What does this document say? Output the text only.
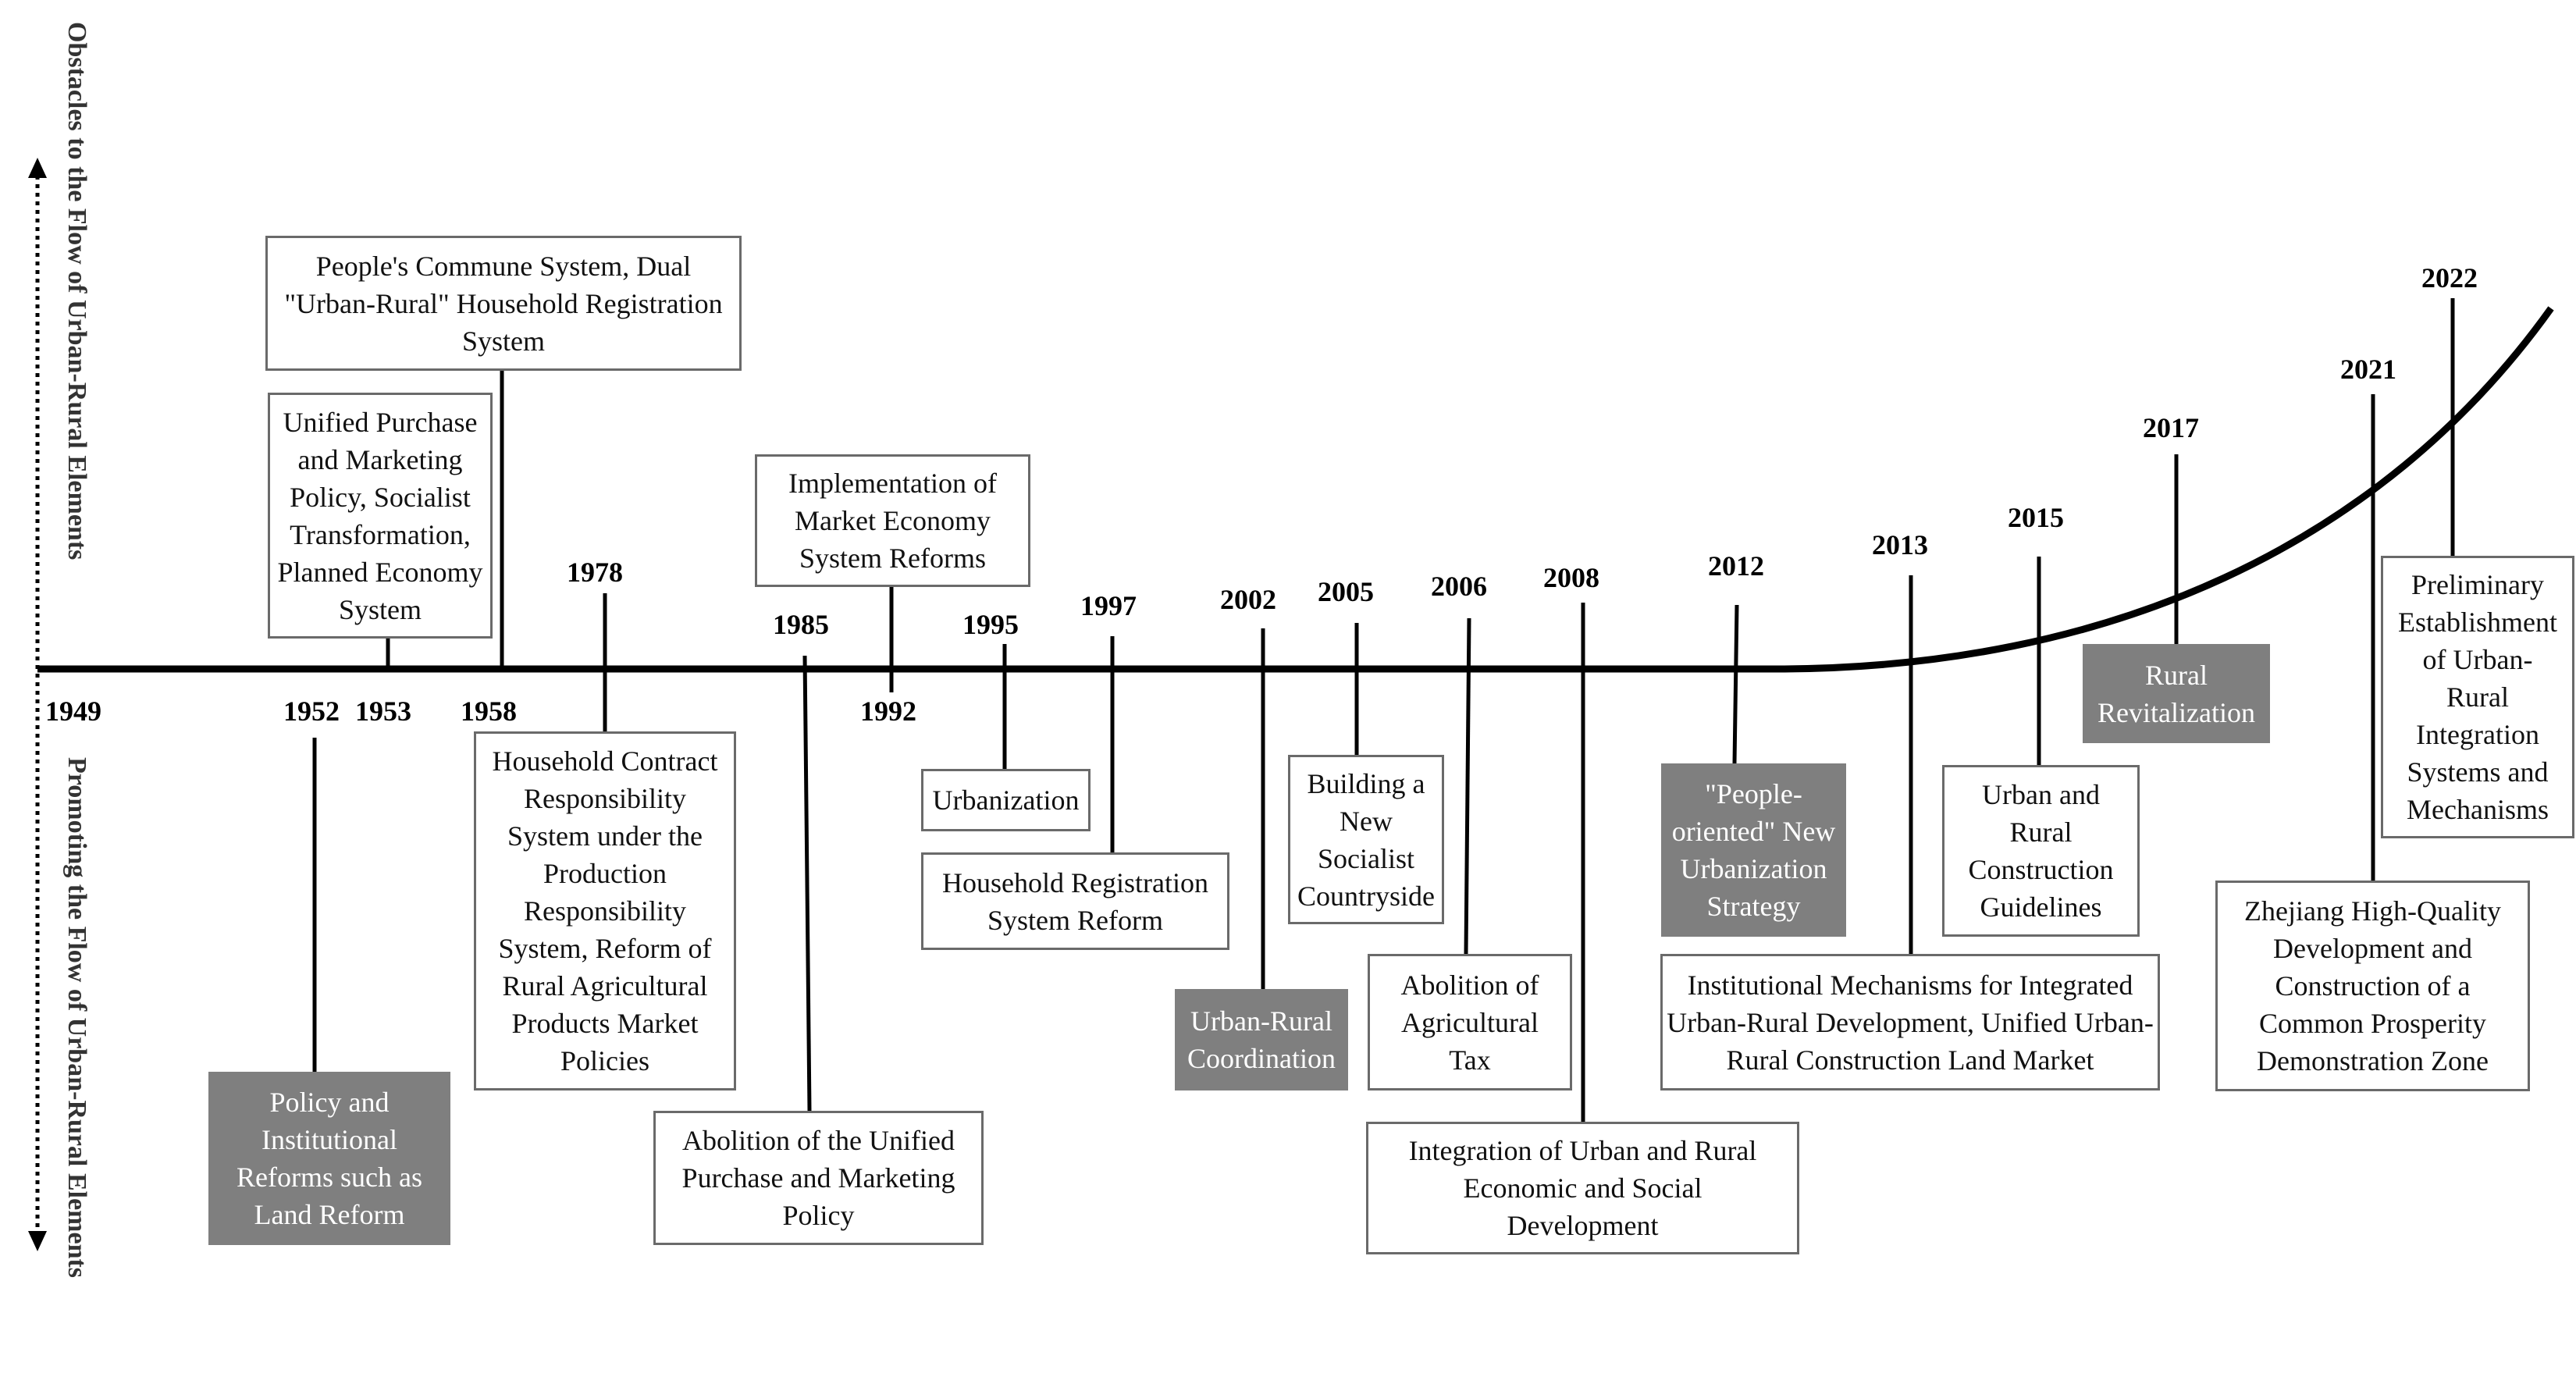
Obstacles to the Flow of Urban-Rural Elements
Promoting the Flow of Urban-Rural Elements
1949	1952 1953 1958
1978
1985
1992
1995
1997	2002 2005 2006 2008	2012
2013
2015
2017
2021
2022
People's Commune System, Dual "Urban-Rural" Household Registration System
Unified Purchase and Marketing Policy, Socialist Transformation, Planned Economy System
Policy and Institutional Reforms such as Land Reform
Household Contract Responsibility System under the Production Responsibility System, Reform of Rural Agricultural Products Market Policies
Abolition of the Unified Purchase and Marketing Policy
Implementation of Market Economy System Reforms
Urbanization
Household Registration System Reform
Urban-Rural Coordination
Building a New Socialist Countryside
Abolition of Agricultural Tax
Integration of Urban and Rural Economic and Social Development
"People-oriented" New Urbanization Strategy
Institutional Mechanisms for Integrated Urban-Rural Development, Unified Urban-Rural Construction Land Market
Urban and Rural Construction Guidelines
Rural Revitalization
Zhejiang High-Quality Development and Construction of a Common Prosperity Demonstration Zone
Preliminary Establishment of Urban-Rural Integration Systems and Mechanisms
